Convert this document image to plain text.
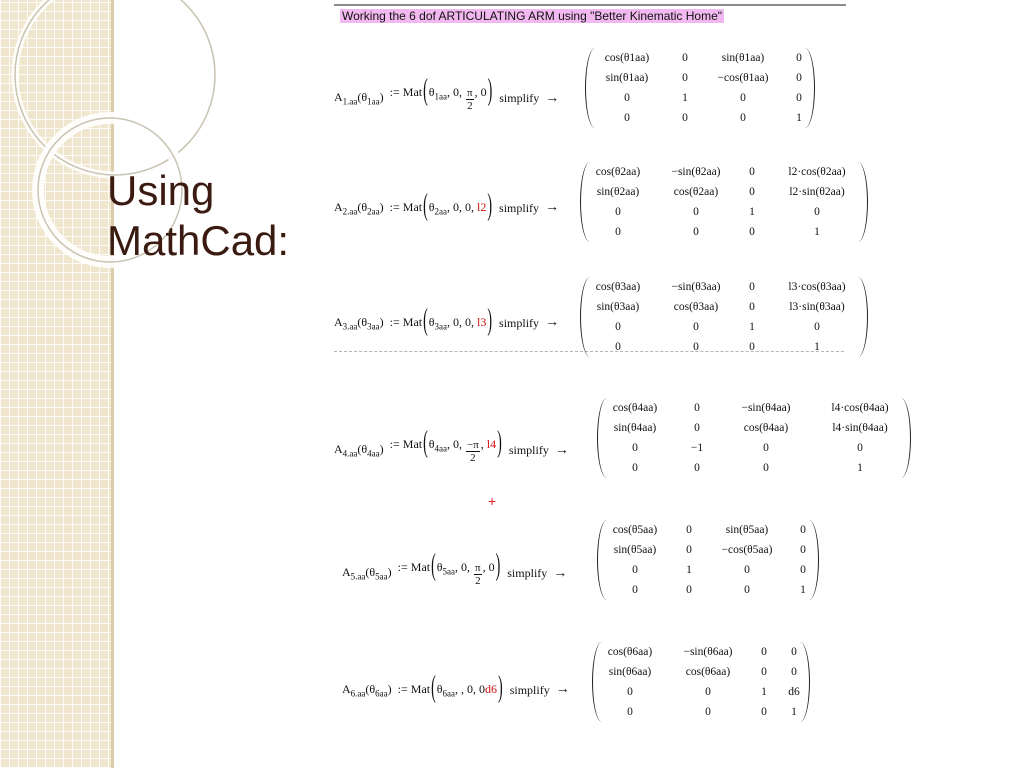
Using
MathCad:
Working the 6 dof ARTICULATING ARM using "Better Kinematic Home"
+
$A_{1.aa}(\theta_{1aa})$ := $Mat(\theta_{1aa}$, 0, $\frac{\pi}{2}$ , 0) simplify →
cos(θ1aa)	0	sin(θ1aa)	0
sin(θ1aa)	0	−cos(θ1aa)	0
0	1	0	0
0	0	0	1
$A_{2.aa}(\theta_{2aa})$ := $Mat(\theta_{2aa}$, 0, 0, l2) simplify →
cos(θ2aa)	−sin(θ2aa)	0	l2·cos(θ2aa)
sin(θ2aa)	cos(θ2aa)	0	l2·sin(θ2aa)
0	0	1	0
0	0	0	1
$A_{3.aa}(\theta_{3aa})$ := $Mat(\theta_{3aa}$, 0, 0, l3) simplify →
cos(θ3aa)	−sin(θ3aa)	0	l3·cos(θ3aa)
sin(θ3aa)	cos(θ3aa)	0	l3·sin(θ3aa)
0	0	1	0
0	0	0	1
$A_{4.aa}(\theta_{4aa})$ := $Mat(\theta_{4aa}$, 0, $\frac{-\pi}{2}$ , l4) simplify →
cos(θ4aa)	0	−sin(θ4aa)	l4·cos(θ4aa)
sin(θ4aa)	0	cos(θ4aa)	l4·sin(θ4aa)
0	−1	0	0
0	0	0	1
$A_{5.aa}(\theta_{5aa})$ := $Mat(\theta_{5aa}$, 0, $\frac{\pi}{2}$ , 0) simplify →
cos(θ5aa)	0	sin(θ5aa)	0
sin(θ5aa)	0	−cos(θ5aa)	0
0	1	0	0
0	0	0	1
$A_{6.aa}(\theta_{6aa})$ := $Mat(\theta_{6aa}$, , 0, 0d6) simplify →
cos(θ6aa)	−sin(θ6aa)	0	0
sin(θ6aa)	cos(θ6aa)	0	0
0	0	1	d6
0	0	0	1
